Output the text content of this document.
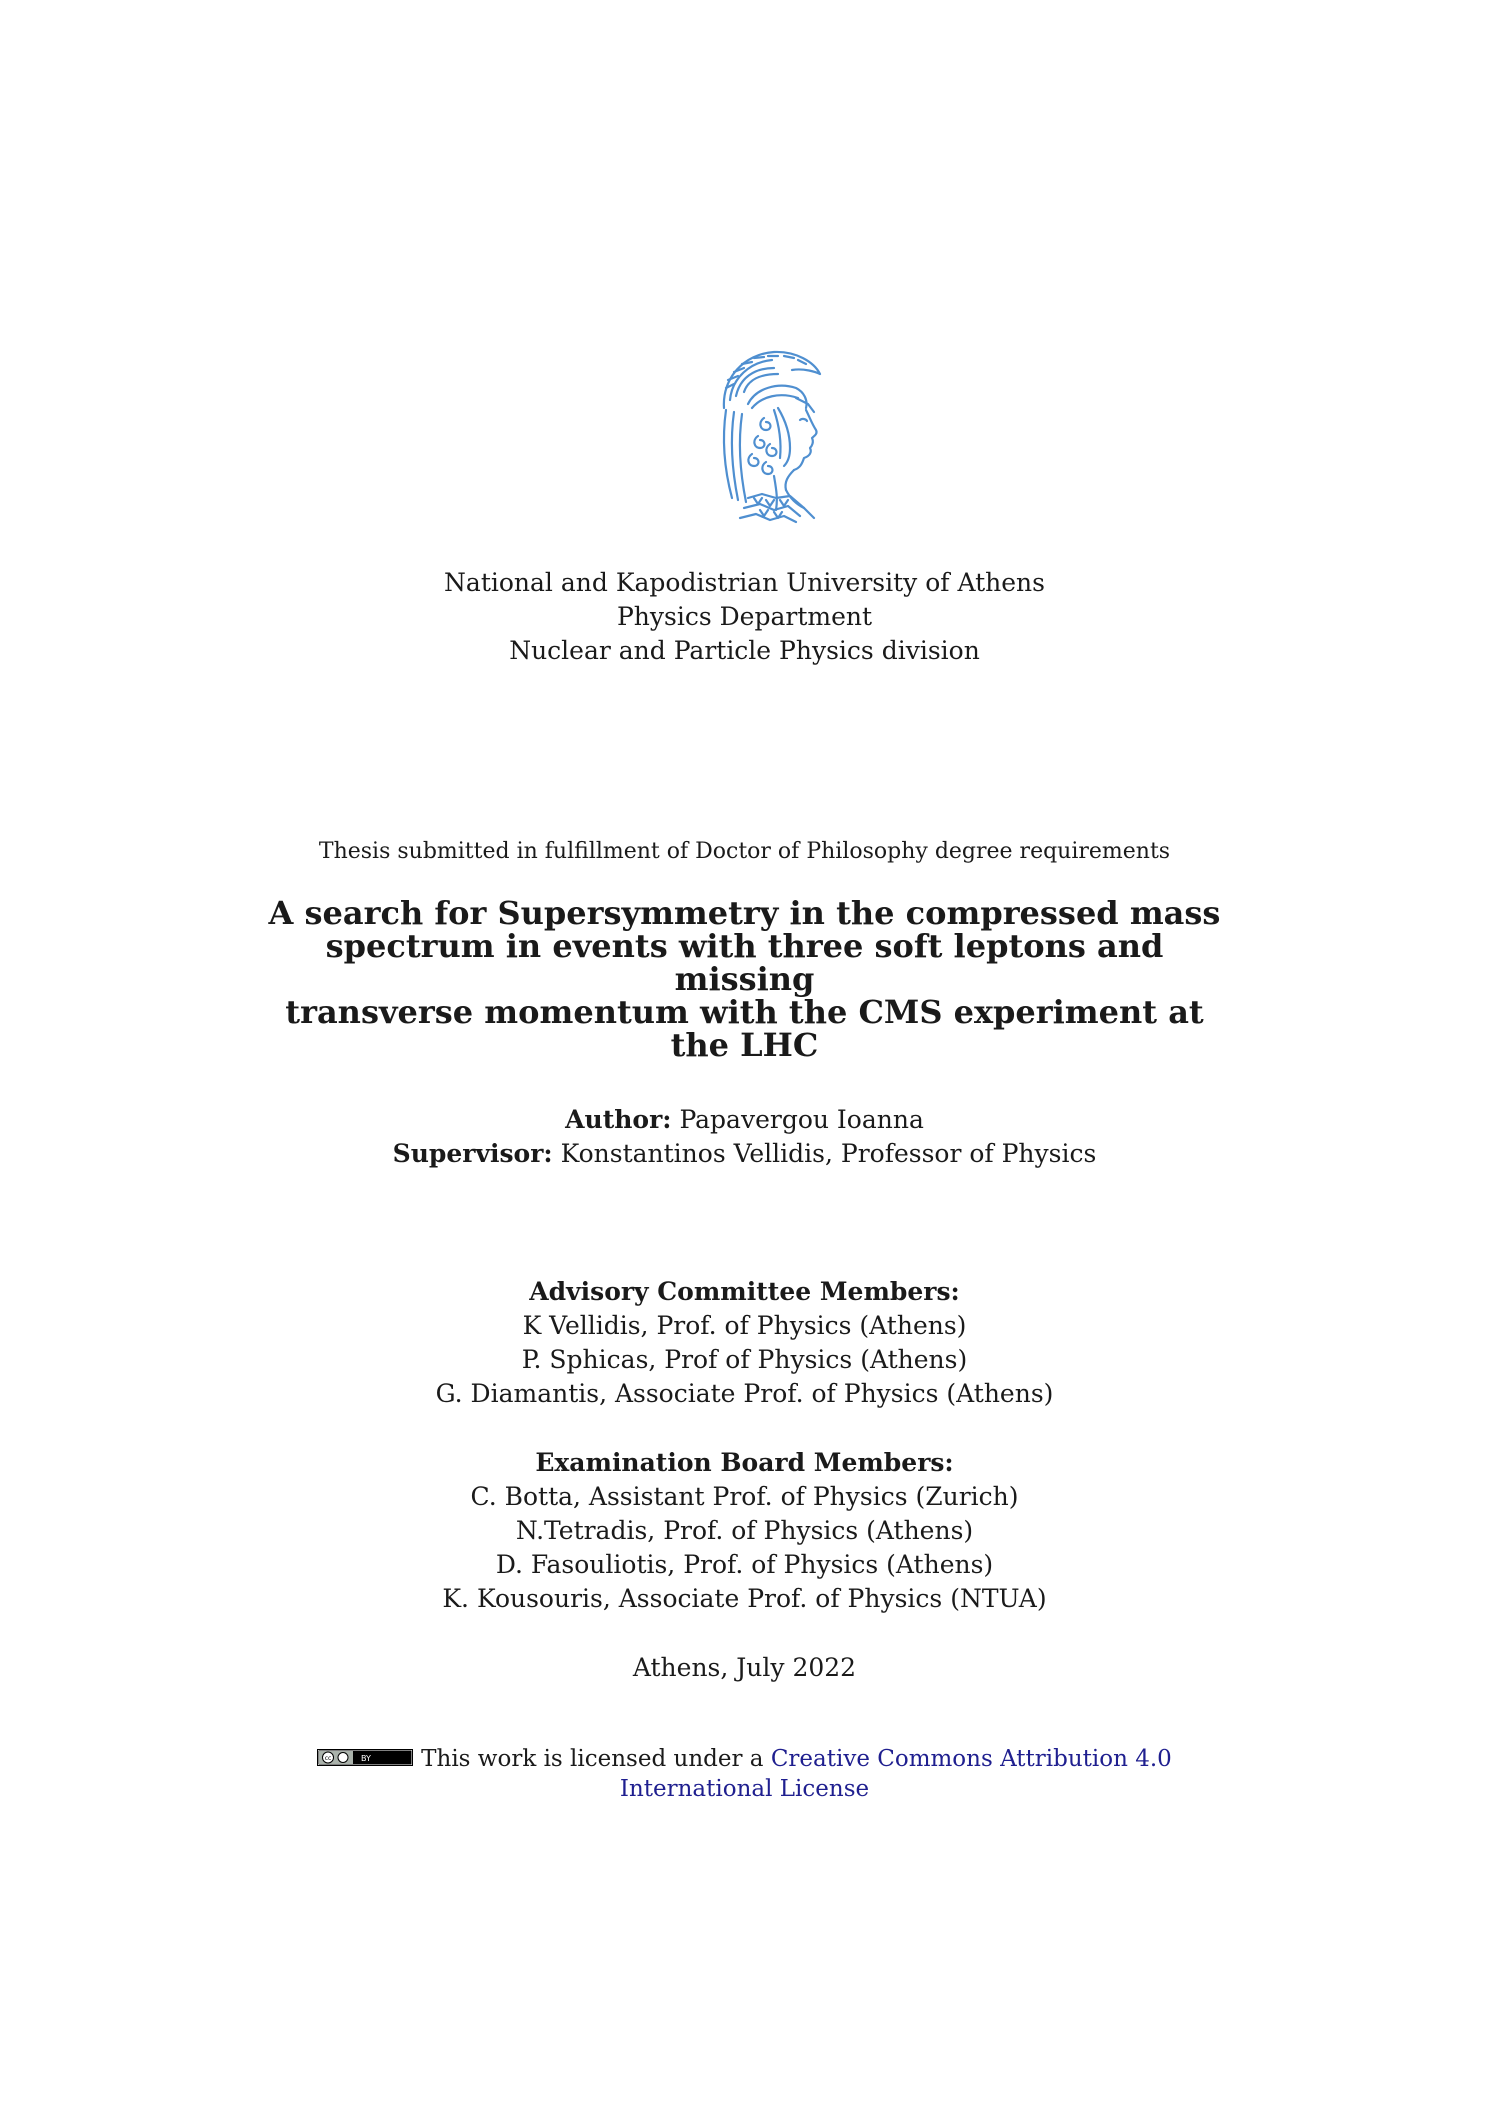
National and Kapodistrian University of Athens
Physics Department
Nuclear and Particle Physics division
Thesis submitted in fulfillment of Doctor of Philosophy degree requirements
A search for Supersymmetry in the compressed mass
spectrum in events with three soft leptons and missing
transverse momentum with the CMS experiment at
the LHC
Author: Papavergou Ioanna
Supervisor: Konstantinos Vellidis, Professor of Physics
Advisory Committee Members:
K Vellidis, Prof. of Physics (Athens)
P. Sphicas, Prof of Physics (Athens)
G. Diamantis, Associate Prof. of Physics (Athens)
Examination Board Members:
C. Botta, Assistant Prof. of Physics (Zurich)
N.Tetradis, Prof. of Physics (Athens)
D. Fasouliotis, Prof. of Physics (Athens)
K. Kousouris, Associate Prof. of Physics (NTUA)
Athens, July 2022
cc	BY This work is licensed under a Creative Commons Attribution 4.0
International License
